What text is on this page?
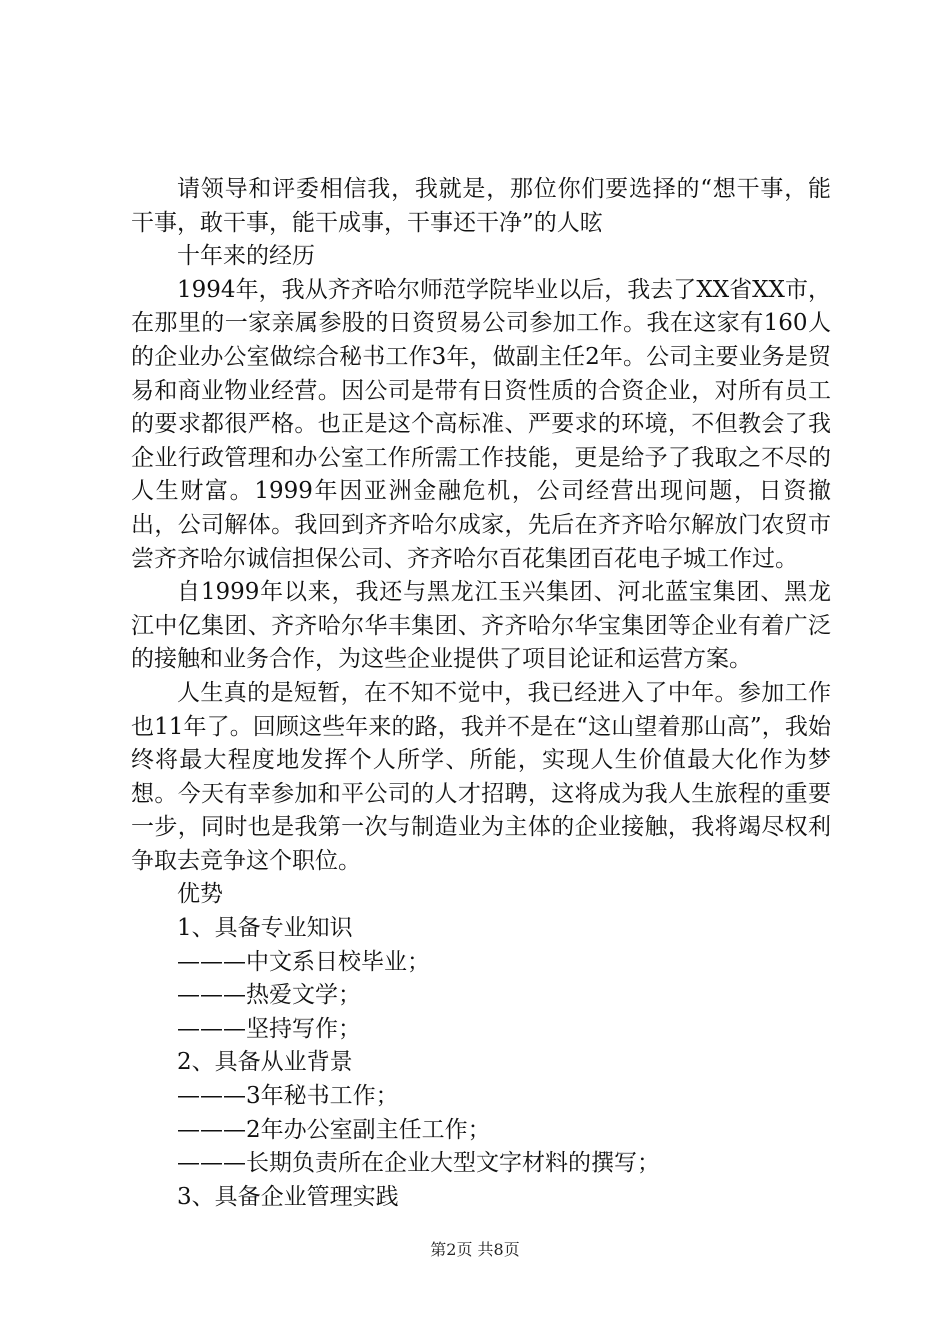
请领导和评委相信我，我就是，那位你们要选择的“想干事，能干事，敢干事，能干成事，干事还干净”的人昡

十年来的经历

1994年，我从齐齐哈尔师范学院毕业以后，我去了XX省XX市，在那里的一家亲属参股的日资贸易公司参加工作。我在这家有160人的企业办公室做综合秘书工作3年，做副主任2年。公司主要业务是贸易和商业物业经营。因公司是带有日资性质的合资企业，对所有员工的要求都很严格。也正是这个高标准、严要求的环境，不但教会了我企业行政管理和办公室工作所需工作技能，更是给予了我取之不尽的人生财富。1999年因亚洲金融危机，公司经营出现问题，日资撤出，公司解体。我回到齐齐哈尔成家，先后在齐齐哈尔解放门农贸市尝齐齐哈尔诚信担保公司、齐齐哈尔百花集团百花电子城工作过。

自1999年以来，我还与黑龙江玉兴集团、河北蓝宝集团、黑龙江中亿集团、齐齐哈尔华丰集团、齐齐哈尔华宝集团等企业有着广泛的接触和业务合作，为这些企业提供了项目论证和运营方案。

人生真的是短暂，在不知不觉中，我已经进入了中年。参加工作也11年了。回顾这些年来的路，我并不是在“这山望着那山高”，我始终将最大程度地发挥个人所学、所能，实现人生价值最大化作为梦想。今天有幸参加和平公司的人才招聘，这将成为我人生旅程的重要一步，同时也是我第一次与制造业为主体的企业接触，我将竭尽权利争取去竞争这个职位。

优势

1、具备专业知识

———中文系日校毕业；

———热爱文学；

———坚持写作；

2、具备从业背景

———3年秘书工作；

———2年办公室副主任工作；

———长期负责所在企业大型文字材料的撰写；

3、具备企业管理实践

第2页 共8页
